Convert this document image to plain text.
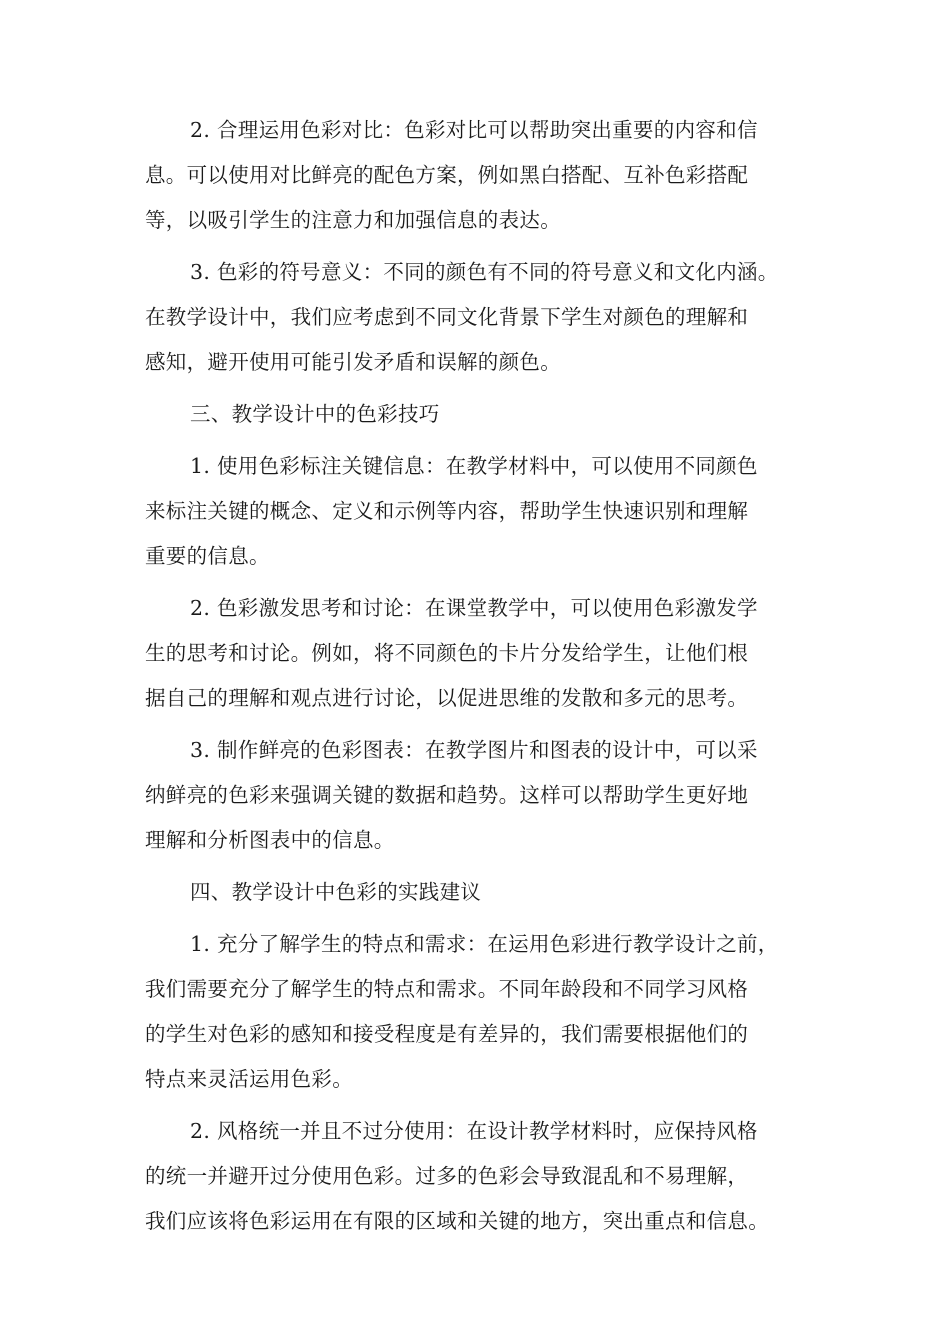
2. 合理运用色彩对比：色彩对比可以帮助突出重要的内容和信
息。可以使用对比鲜亮的配色方案，例如黑白搭配、互补色彩搭配
等，以吸引学生的注意力和加强信息的表达。
3. 色彩的符号意义：不同的颜色有不同的符号意义和文化内涵。
在教学设计中，我们应考虑到不同文化背景下学生对颜色的理解和
感知，避开使用可能引发矛盾和误解的颜色。
三、教学设计中的色彩技巧
1. 使用色彩标注关键信息：在教学材料中，可以使用不同颜色
来标注关键的概念、定义和示例等内容，帮助学生快速识别和理解
重要的信息。
2. 色彩激发思考和讨论：在课堂教学中，可以使用色彩激发学
生的思考和讨论。例如，将不同颜色的卡片分发给学生，让他们根
据自己的理解和观点进行讨论，以促进思维的发散和多元的思考。
3. 制作鲜亮的色彩图表：在教学图片和图表的设计中，可以采
纳鲜亮的色彩来强调关键的数据和趋势。这样可以帮助学生更好地
理解和分析图表中的信息。
四、教学设计中色彩的实践建议
1. 充分了解学生的特点和需求：在运用色彩进行教学设计之前，
我们需要充分了解学生的特点和需求。不同年龄段和不同学习风格
的学生对色彩的感知和接受程度是有差异的，我们需要根据他们的
特点来灵活运用色彩。
2. 风格统一并且不过分使用：在设计教学材料时，应保持风格
的统一并避开过分使用色彩。过多的色彩会导致混乱和不易理解，
我们应该将色彩运用在有限的区域和关键的地方，突出重点和信息。
